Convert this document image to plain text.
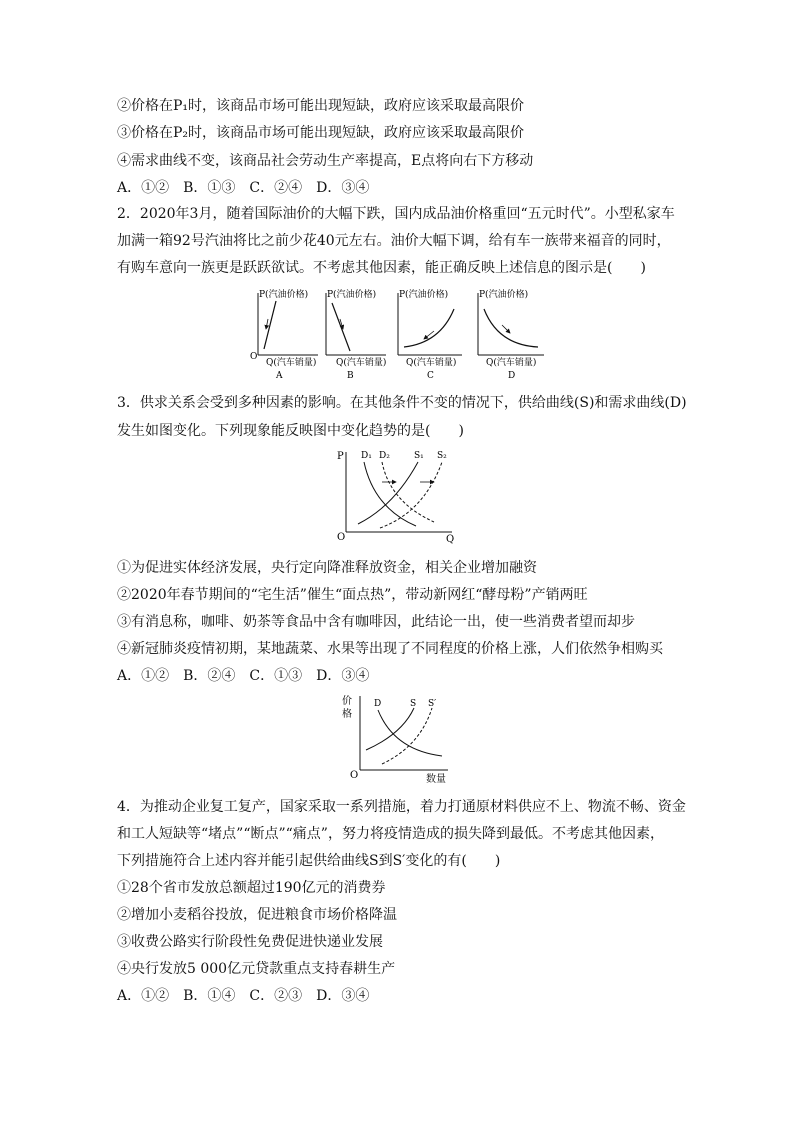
②价格在P₁时，该商品市场可能出现短缺，政府应该采取最高限价
③价格在P₂时，该商品市场可能出现短缺，政府应该采取最高限价
④需求曲线不变，该商品社会劳动生产率提高，E点将向右下方移动
A．①②　B．①③　C．②④　D．③④
2．2020年3月，随着国际油价的大幅下跌，国内成品油价格重回“五元时代”。小型私家车
加满一箱92号汽油将比之前少花40元左右。油价大幅下调，给有车一族带来福音的同时，
有购车意向一族更是跃跃欲试。不考虑其他因素，能正确反映上述信息的图示是(　　)
P(汽油价格)
O
Q(汽车销量)
A
P(汽油价格)
Q(汽车销量)
B
P(汽油价格)
Q(汽车销量)
C
P(汽油价格)
Q(汽车销量)
D
3．供求关系会受到多种因素的影响。在其他条件不变的情况下，供给曲线(S)和需求曲线(D)
发生如图变化。下列现象能反映图中变化趋势的是(　　)
P
O	Q
D₁ D₂	S₁ S₂
①为促进实体经济发展，央行定向降准释放资金，相关企业增加融资
②2020年春节期间的“宅生活”催生“面点热”，带动新网红“酵母粉”产销两旺
③有消息称，咖啡、奶茶等食品中含有咖啡因，此结论一出，使一些消费者望而却步
④新冠肺炎疫情初期，某地蔬菜、水果等出现了不同程度的价格上涨，人们依然争相购买
A．①②　B．②④　C．①③　D．③④
价
格
O	数量
D	S S′
4．为推动企业复工复产，国家采取一系列措施，着力打通原材料供应不上、物流不畅、资金
和工人短缺等“堵点”“断点”“痛点”，努力将疫情造成的损失降到最低。不考虑其他因素，
下列措施符合上述内容并能引起供给曲线S到S′变化的有(　　)
①28个省市发放总额超过190亿元的消费券
②增加小麦稻谷投放，促进粮食市场价格降温
③收费公路实行阶段性免费促进快递业发展
④央行发放5 000亿元贷款重点支持春耕生产
A．①②　B．①④　C．②③　D．③④
